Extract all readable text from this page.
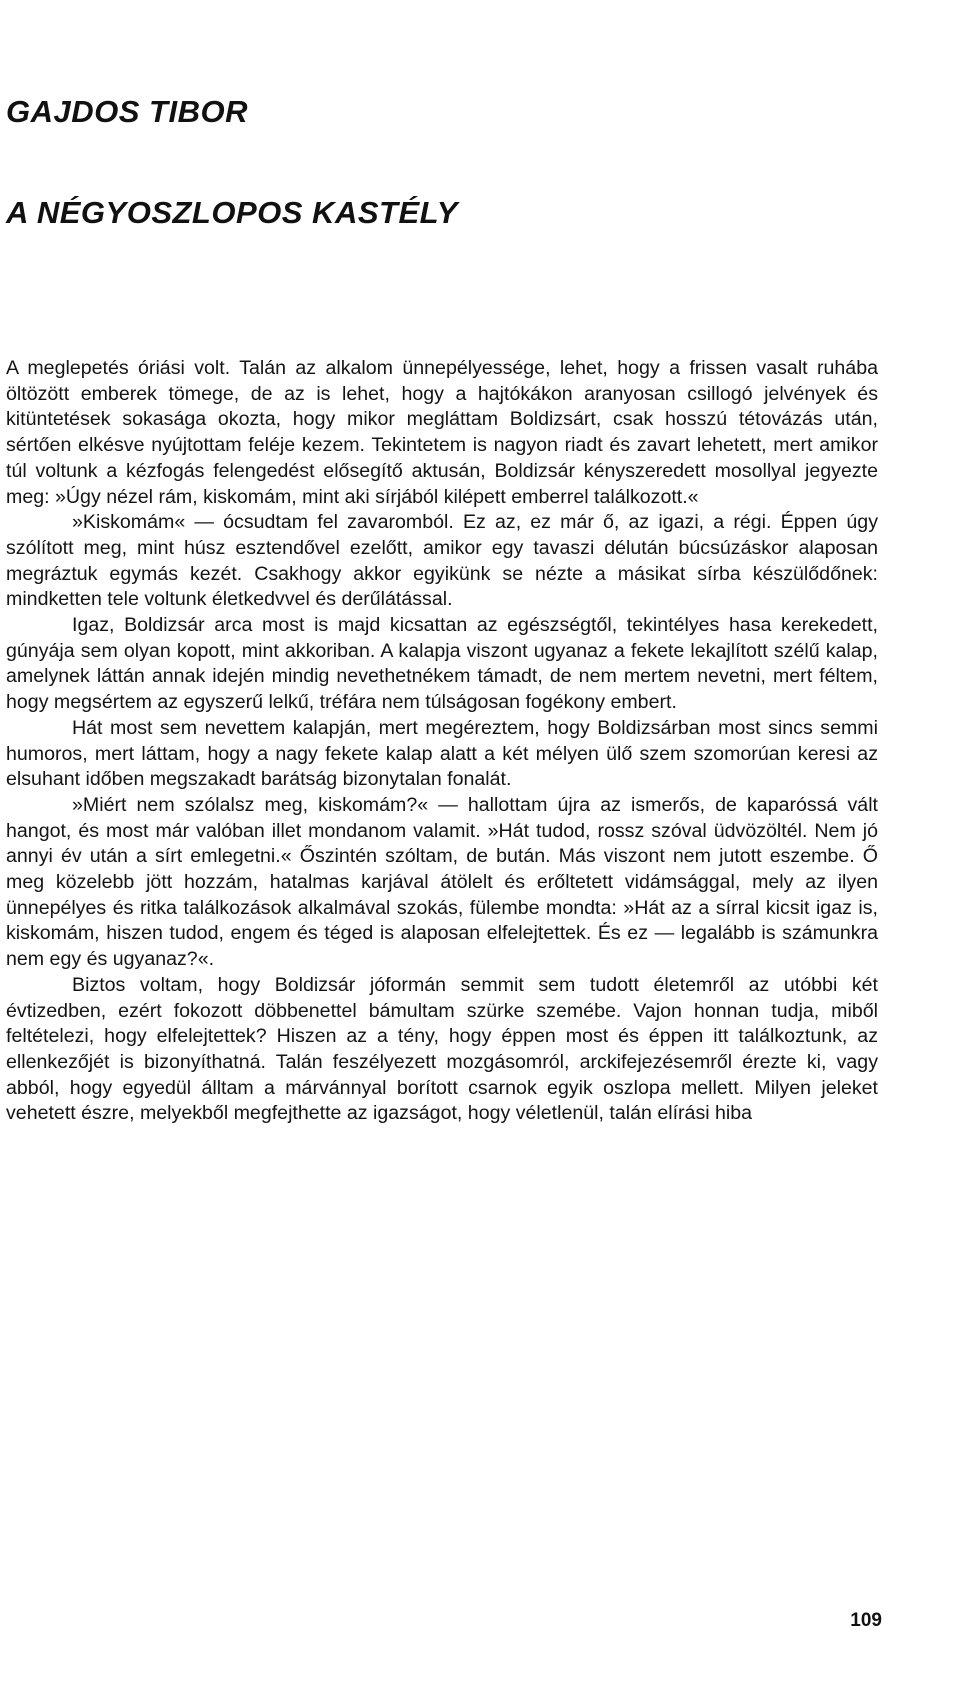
GAJDOS TIBOR
A NÉGYOSZLOPOS KASTÉLY

A meglepetés óriási volt. Talán az alkalom ünnepélyessége, lehet, hogy a frissen vasalt ruhába öltözött emberek tömege, de az is lehet, hogy a hajtókákon aranyosan csillogó jelvények és kitüntetések sokasága okozta, hogy mikor megláttam Boldizsárt, csak hosszú tétovázás után, sértően elkésve nyújtottam feléje kezem. Tekintetem is nagyon riadt és zavart lehetett, mert amikor túl voltunk a kézfogás felengedést elősegítő aktusán, Boldizsár kényszeredett mosollyal jegyezte meg: »Úgy nézel rám, kiskomám, mint aki sírjából kilépett emberrel találkozott.«

»Kiskomám« — ócsudtam fel zavaromból. Ez az, ez már ő, az igazi, a régi. Éppen úgy szólított meg, mint húsz esztendővel ezelőtt, amikor egy tavaszi délután búcsúzáskor alaposan megráztuk egymás kezét. Csakhogy akkor egyikünk se nézte a másikat sírba készülődőnek: mindketten tele voltunk életkedvvel és derűlátással.

Igaz, Boldizsár arca most is majd kicsattan az egészségtől, tekintélyes hasa kerekedett, gúnyája sem olyan kopott, mint akkoriban. A kalapja viszont ugyanaz a fekete lekajlított szélű kalap, amelynek láttán annak idején mindig nevethetnékem támadt, de nem mertem nevetni, mert féltem, hogy megsértem az egyszerű lelkű, tréfára nem túlságosan fogékony embert.

Hát most sem nevettem kalapján, mert megéreztem, hogy Boldizsárban most sincs semmi humoros, mert láttam, hogy a nagy fekete kalap alatt a két mélyen ülő szem szomorúan keresi az elsuhant időben megszakadt barátság bizonytalan fonalát.

»Miért nem szólalsz meg, kiskomám?« — hallottam újra az ismerős, de kaparóssá vált hangot, és most már valóban illet mondanom valamit. »Hát tudod, rossz szóval üdvözöltél. Nem jó annyi év után a sírt emlegetni.« Őszintén szóltam, de bután. Más viszont nem jutott eszembe. Ő meg közelebb jött hozzám, hatalmas karjával átölelt és erőltetett vidámsággal, mely az ilyen ünnepélyes és ritka találkozások alkalmával szokás, fülembe mondta: »Hát az a sírral kicsit igaz is, kiskomám, hiszen tudod, engem és téged is alaposan elfelejtettek. És ez — legalább is számunkra nem egy és ugyanaz?«.

Biztos voltam, hogy Boldizsár jóformán semmit sem tudott életemről az utóbbi két évtizedben, ezért fokozott döbbenettel bámultam szürke szemébe. Vajon honnan tudja, miből feltételezi, hogy elfelejtettek? Hiszen az a tény, hogy éppen most és éppen itt találkoztunk, az ellenkezőjét is bizonyíthatná. Talán feszélyezett mozgásomról, arckifejezésemről érezte ki, vagy abból, hogy egyedül álltam a márvánnyal borított csarnok egyik oszlopa mellett. Milyen jeleket vehetett észre, melyekből megfejthette az igazságot, hogy véletlenül, talán elírási hiba

109
